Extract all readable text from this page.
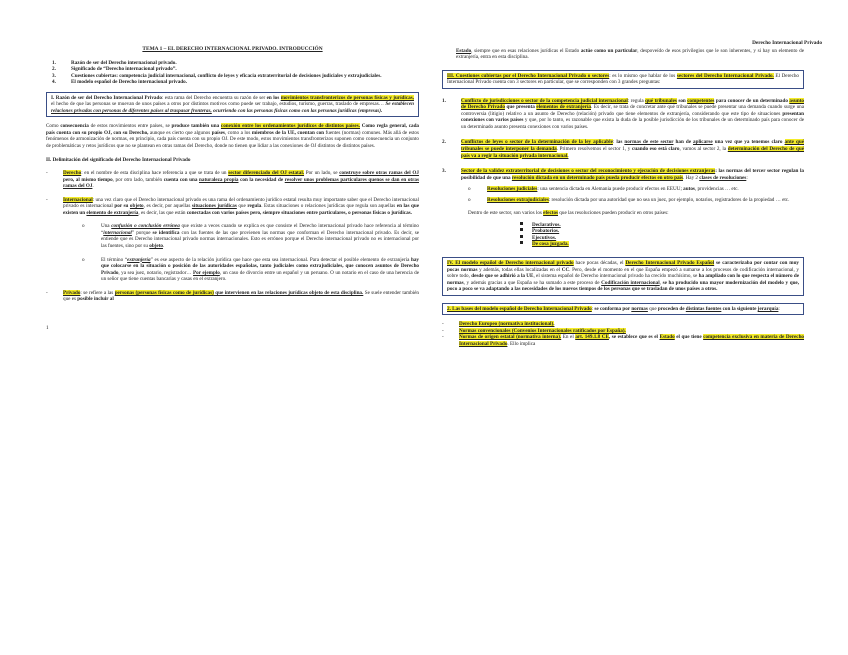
TEMA 1 – EL DERECHO INTERNACIONAL PRIVADO. INTRODUCCIÓN
1.	Razón de ser del Derecho internacional privado.
2.	Significado de “Derecho internacional privado”.
3.	Cuestiones cubiertas: competencia judicial internacional, conflicto de leyes y eficacia extraterritorial de decisiones judiciales y extrajudiciales.
4.	El modelo español de Derecho internacional privado.
I. Razón de ser del Derecho Internacional Privado: esta rama del Derecho encuentra su razón de ser en los movimientos transfronterizos de personas físicas y jurídicas, el hecho de que las personas se muevan de unos países a otros por distintos motivos como puede ser trabajo, estudios, turismo, guerras, traslado de empresas… Se establecen relaciones privadas con personas de diferentes países al traspasar fronteras, ocurriendo con las personas físicas como con las personas jurídicas (empresas).
Como consecuencia de estos movimientos entre países, se produce también una conexión entre los ordenamientos jurídicos de distintos países. Como regla general, cada país cuenta con su propio OJ, con su Derecho, aunque es cierto que algunos países, como a los miembros de la UE, cuentan con fuentes (normas) comunes. Más allá de estos fenómenos de armonización de normas, en principio, cada país cuenta con su propio OJ. De este modo, estos movimientos transfronterizos suponen como consecuencia un conjunto de problemáticas y retos jurídicos que no se plantean en otras ramas del Derecho, donde no tienen que lidiar a las conexiones de OJ distintos de distintos países.
II. Delimitación del significado del Derecho Internacional Privado
-	Derecho: en el nombre de esta disciplina hace referencia a que se trata de un sector diferenciado del OJ estatal. Por un lado, se construye sobre otras ramas del OJ pero, al mismo tiempo, por otro lado, también cuenta con una naturaleza propia con la necesidad de resolver unos problemas particulares quenos se dan en otras ramas del OJ.
-	Internacional: una vez claro que el Derecho internacional privado es una rama del ordenamiento jurídico estatal resulta muy importante saber que el Derecho internacional privado es internacional por su objeto, es decir, por aquellas situaciones jurídicas que regula. Estas situaciones o relaciones jurídicas que regula son aquellas en las que existen un elemento de extranjería, es decir, las que están conectadas con varios países pero, siempre situaciones entre particulares, o personas físicas o jurídicas.
o	Una confusión o conclusión errónea que existe a veces cuando se explica es que consiste el Derecho internacional privado hace referencia al término “internacional” porque se identifica con las fuentes de las que provienen las normas que conforman el Derecho internacional privado. Es decir, se entiende que es Derecho internacional privado normas internacionales. Esto es erróneo porque el Derecho internacional privado no es internacional por las fuentes, sino por su objeto.
o	El término “extranjería” es ese aspecto de la relación jurídica que hace que esta sea internacional. Para detectar el posible elemento de extranjería hay que colocarse en la situación o posición de las autoridades españolas, tanto judiciales como extrajudiciales, que conocen asuntos de Derecho Privado, ya sea juez, notario, registrador… Por ejemplo, un caso de divorcio entre un español y un peruano. O un notario en el caso de una herencia de un señor que tiene cuentas bancarias y casas en el extranjero.
-	Privado: se refiere a las personas (personas físicas como de jurídicas) que intervienen en las relaciones jurídicas objeto de esta disciplina. Se suele entender también que es posible incluir al
1
Derecho Internacional Privado
Estado, siempre que en esas relaciones jurídicas el Estado actúe como un particular, despoveído de esos privilegios que le son inherentes, y si hay un elemento de extranjería, entra en esta disciplina.
III. Cuestiones cubiertas por el Derecho Internacional Privado o sectores: es lo mismo que hablar de los sectores del Derecho Internacional Privado. El Derecho Internacional Privado cuenta con 3 sectores en particular, que se corresponden con 3 grandes preguntas:
1.	Conflicto de jurisdicciones o sector de la competencia judicial internacional: regula qué tribunales son competentes para conocer de un determinado asunto de Derecho Privado que presenta elementos de extranjería. Es decir, se trata de concretar ante qué tribunales se puede presentar una demanda cuando surge una controversia (litigio) relativo a un asunto de Derecho (relación) privado que tiene elementos de extranjería, considerando que este tipo de situaciones presentan conexiones con varios países y que, por lo tanto, es razonable que exista la duda de la posible jurisdicción de los tribunales de un determinado país para conocer de un determinado asunto presenta conexiones con varios países.
2.	Conflictos de leyes o sector de la determinación de la ley aplicable: las normas de este sector han de aplicarse una vez que ya tenemos claro ante qué tribunales se puede interponer la demanda. Primero resolvemos el sector 1, y cuando eso está claro, vamos al sector 2, la determinación del Derecho de qué país va a regir la situación privada internacional.
3.	Sector de la validez extraterritorial de decisiones o sector del reconocimiento y ejecución de decisiones extranjeras: las normas del tercer sector regulan la posibilidad de que una resolución dictada en un determinado país pueda producir efectos en otro país. Hay 2 clases de resoluciones:
o	Resoluciones judiciales: una sentencia dictada en Alemania puede producir efectos en EEUU; autos, providencias … etc.
o	Resoluciones extrajudiciales: resolución dictada por una autoridad que no sea un juez, por ejemplo, notarios, registradores de la propiedad … etc.
Dentro de este sector, son varios los efectos que las resoluciones pueden producir en otros países:
Declarativos.
Probatorios.
Ejecutivos.
De cosa juzgada.
IV. El modelo español de Derecho internacional privado hace pocas décadas, el Derecho Internacional Privado Español se caracterizaba por contar con muy pocas normas y además, todas ellas localizadas en el CC. Pero, desde el momento en el que España empezó a sumarse a los procesos de codificación internacional, y sobre todo, desde que se adhirió a la UE, el sistema español de Derecho internacional privado ha crecido muchísimo, se ha ampliado con lo que respecta el número de normas, y además gracias a que España se ha sumado a este proceso de Codificación internacional, se ha producido una mayor modernización del modelo y que, poco a poco se va adaptando a las necesidades de los nuevos tiempos de los personas que se trasladan de unos países a otros.
2. Las bases del modelo español de Derecho Internacional Privado: se conforma por normas que proceden de distintas fuentes con la siguiente jerarquía:
-	Derecho Europeo (normativa institucional).
-	Normas convencionales (Convenios Internacionales ratificados por España).
-	Normas de origen estatal (normativa interna). En el art. 149.1.8 CE, se establece que es el Estado el que tiene competencia exclusiva en materia de Derecho Internacional Privado. Ello implica
